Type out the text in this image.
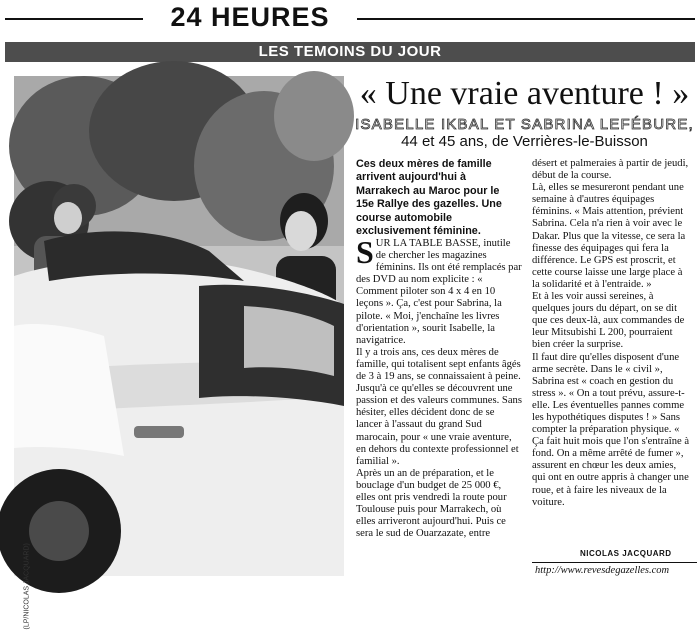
24 HEURES
LES TEMOINS DU JOUR
(LP/NICOLAS JACQUARD)
« Une vraie aventure ! »
ISABELLE IKBAL ET SABRINA LEFÉBURE,
44 et 45 ans, de Verrières-le-Buisson
Ces deux mères de famille arrivent aujourd'hui à Marrakech au Maroc pour le 15e Rallye des gazelles. Une course automobile exclusivement féminine.

SUR LA TABLE BASSE, inutile de chercher les magazines féminins. Ils ont été remplacés par des DVD au nom explicite : « Comment piloter son 4 x 4 en 10 leçons ». Ça, c'est pour Sabrina, la pilote. « Moi, j'enchaîne les livres d'orientation », sourit Isabelle, la navigatrice.

Il y a trois ans, ces deux mères de famille, qui totalisent sept enfants âgés de 3 à 19 ans, se connaissaient à peine. Jusqu'à ce qu'elles se découvrent une passion et des valeurs communes. Sans hésiter, elles décident donc de se lancer à l'assaut du grand Sud marocain, pour « une vraie aventure, en dehors du contexte professionnel et familial ».

Après un an de préparation, et le bouclage d'un budget de 25 000 €, elles ont pris vendredi la route pour Toulouse puis pour Marrakech, où elles arriveront aujourd'hui. Puis ce sera le sud de Ouarzazate, entre

désert et palmeraies à partir de jeudi, début de la course.

Là, elles se mesureront pendant une semaine à d'autres équipages féminins. « Mais attention, prévient Sabrina. Cela n'a rien à voir avec le Dakar. Plus que la vitesse, ce sera la finesse des équipages qui fera la différence. Le GPS est proscrit, et cette course laisse une large place à la solidarité et à l'entraide. »

Et à les voir aussi sereines, à quelques jours du départ, on se dit que ces deux-là, aux commandes de leur Mitsubishi L 200, pourraient bien créer la surprise.

Il faut dire qu'elles disposent d'une arme secrète. Dans le « civil », Sabrina est « coach en gestion du stress ». « On a tout prévu, assure-t-elle. Les éventuelles pannes comme les hypothétiques disputes ! » Sans compter la préparation physique. « Ça fait huit mois que l'on s'entraîne à fond. On a même arrêté de fumer », assurent en chœur les deux amies, qui ont en outre appris à changer une roue, et à faire les niveaux de la voiture.

NICOLAS JACQUARD
http://www.revesdegazelles.com
